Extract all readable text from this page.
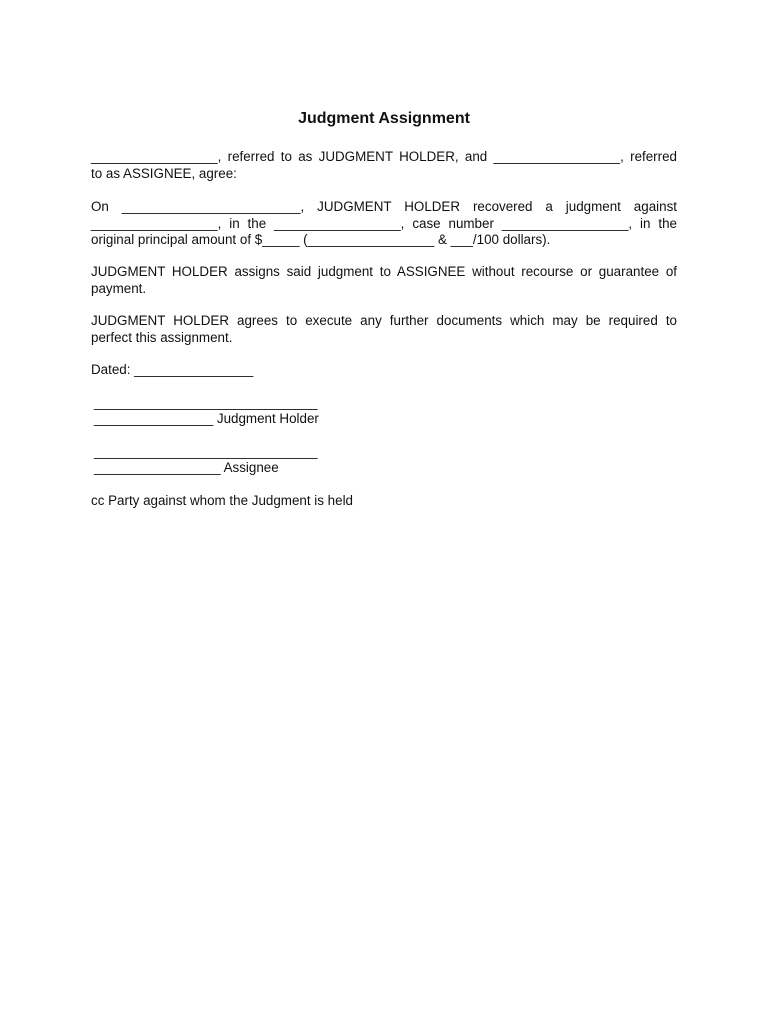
Judgment Assignment
_________________, referred to as JUDGMENT HOLDER, and _________________, referred
to as ASSIGNEE, agree:
On ________________________, JUDGMENT HOLDER recovered a judgment against
_________________, in the _________________, case number _________________, in the
original principal amount of $_____ (_________________ & ___/100 dollars).
JUDGMENT HOLDER assigns said judgment to ASSIGNEE without recourse or guarantee of
payment.
JUDGMENT HOLDER agrees to execute any further documents which may be required to
perfect this assignment.
Dated: ________________
______________________________
________________ Judgment Holder
______________________________
_________________ Assignee
cc Party against whom the Judgment is held
